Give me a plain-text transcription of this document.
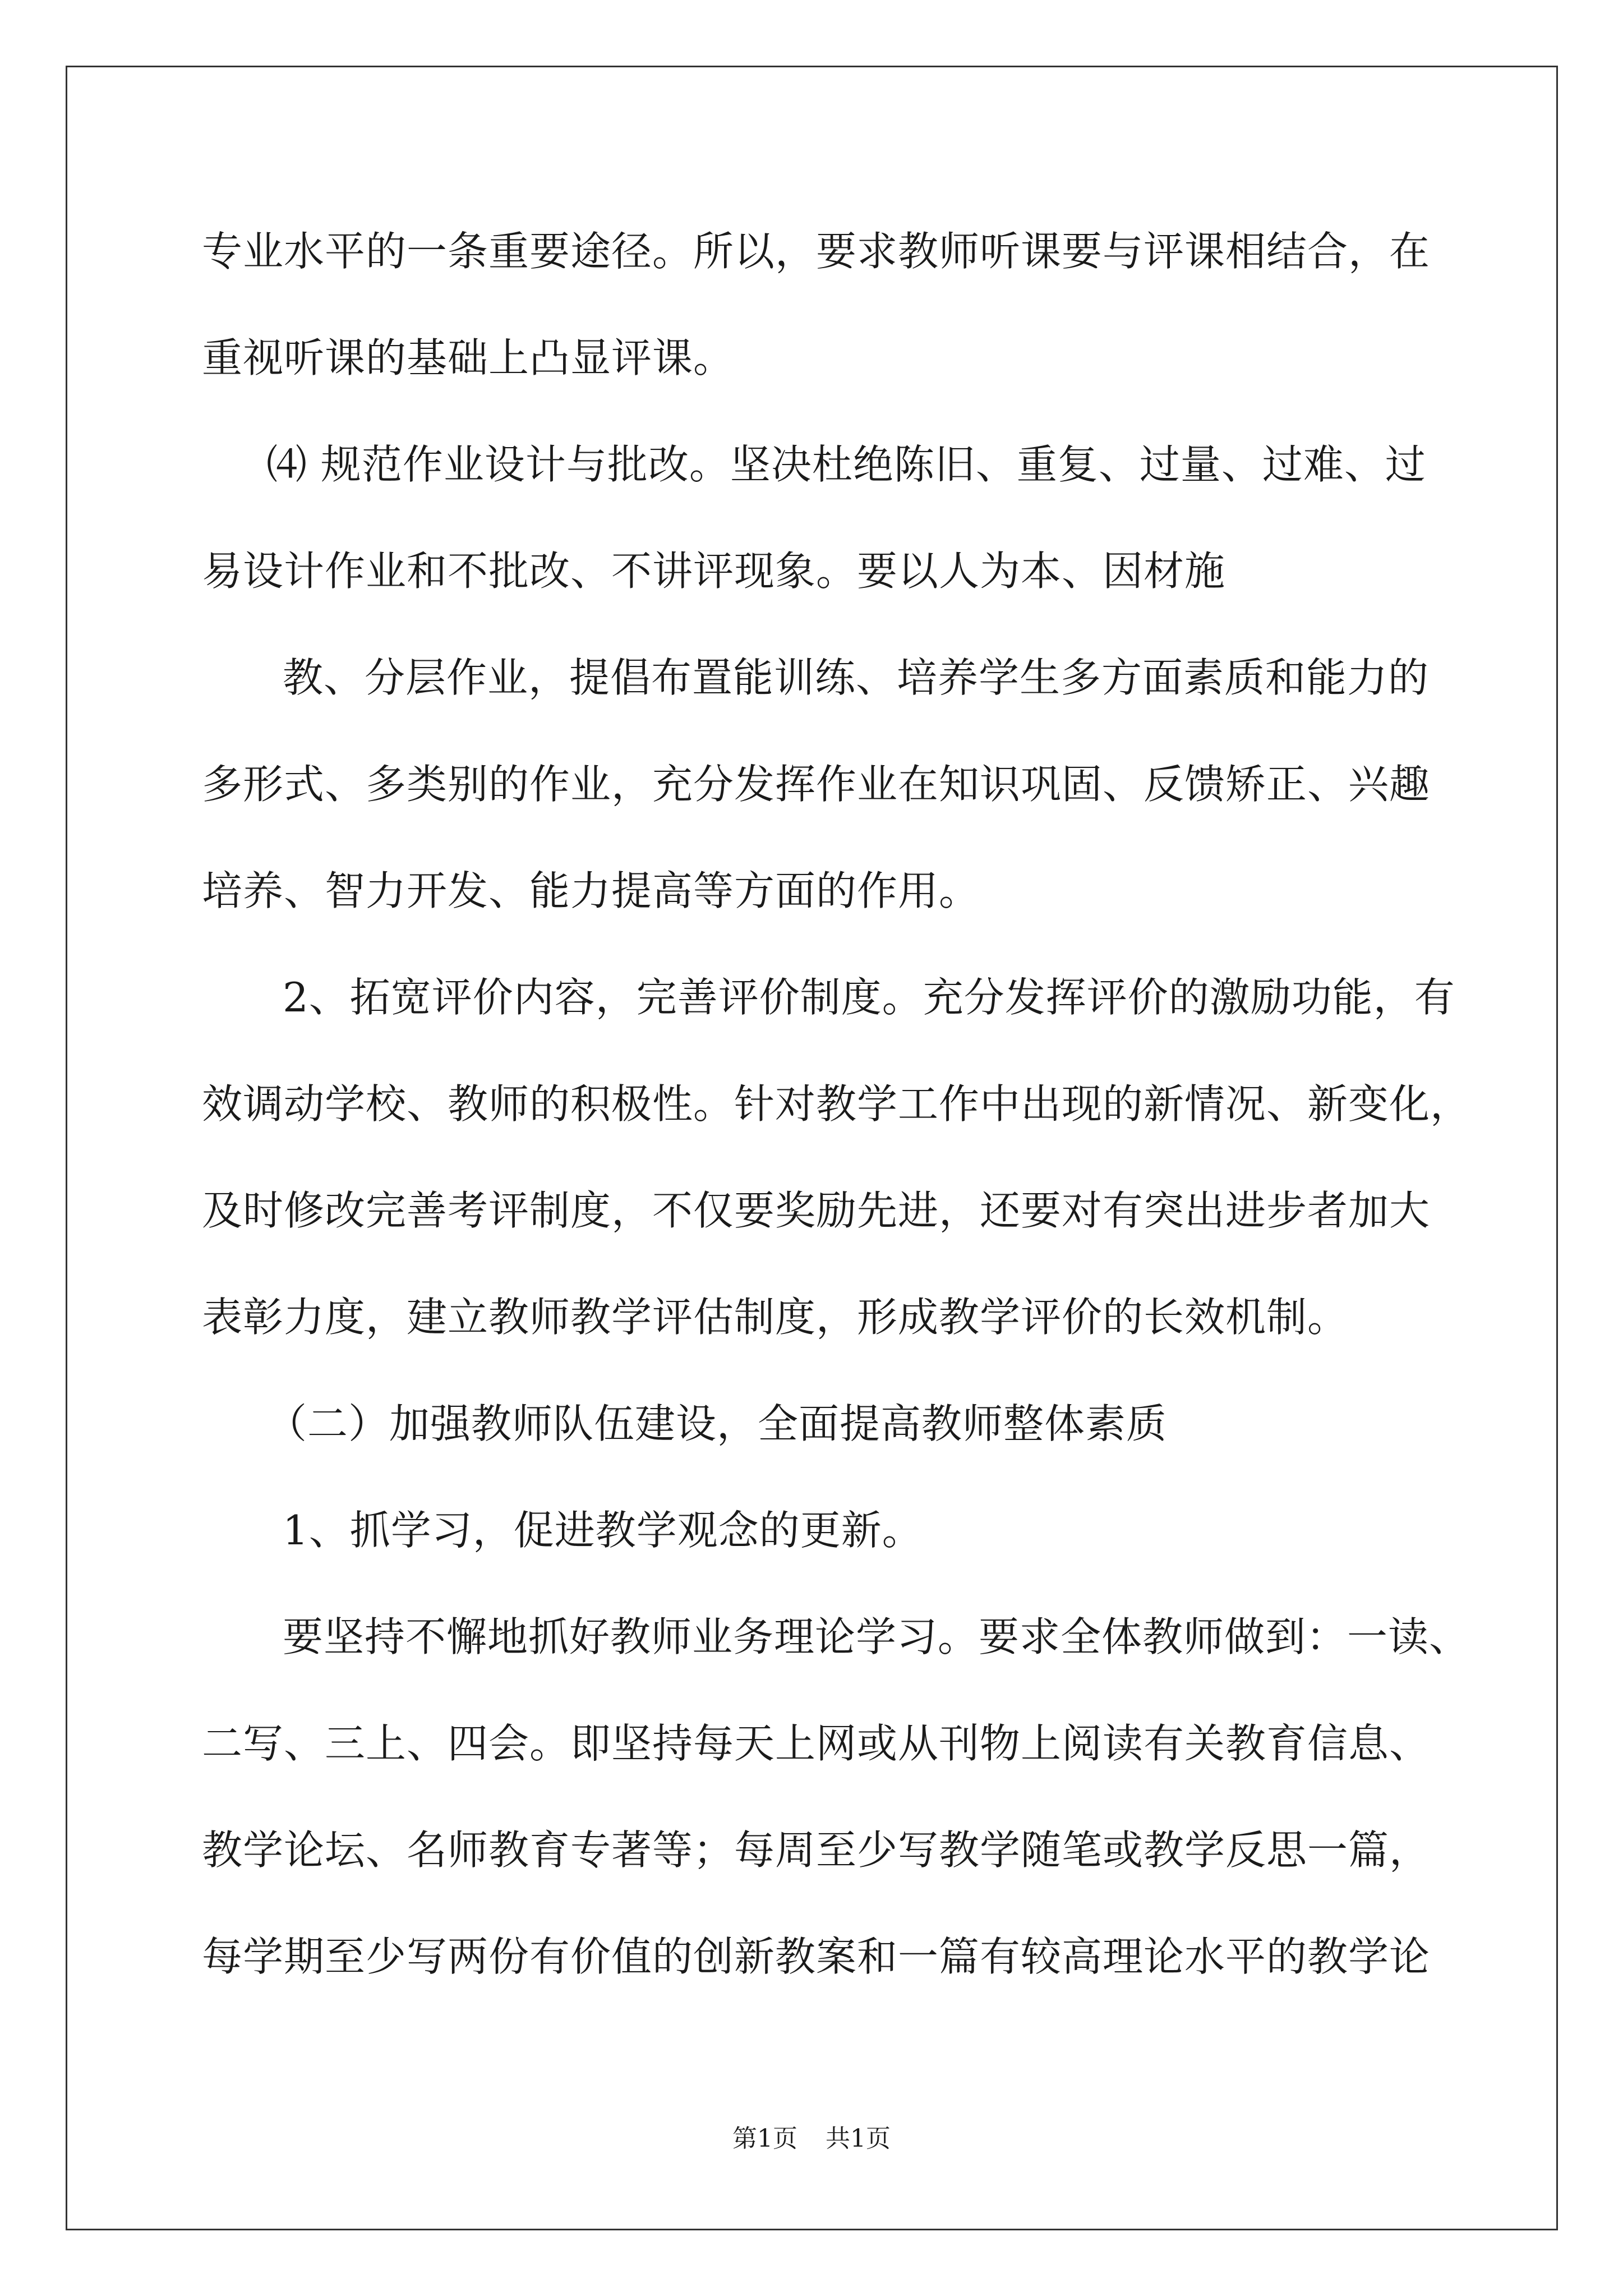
专业水平的一条重要途径。所以，要求教师听课要与评课相结合，在
重视听课的基础上凸显评课。
⑷ 规范作业设计与批改。坚决杜绝陈旧、重复、过量、过难、过
易设计作业和不批改、不讲评现象。要以人为本、因材施
教、分层作业，提倡布置能训练、培养学生多方面素质和能力的
多形式、多类别的作业，充分发挥作业在知识巩固、反馈矫正、兴趣
培养、智力开发、能力提高等方面的作用。
2、拓宽评价内容，完善评价制度。充分发挥评价的激励功能，有
效调动学校、教师的积极性。针对教学工作中出现的新情况、新变化，
及时修改完善考评制度，不仅要奖励先进，还要对有突出进步者加大
表彰力度，建立教师教学评估制度，形成教学评价的长效机制。
（二）加强教师队伍建设，全面提高教师整体素质
1、抓学习，促进教学观念的更新。
要坚持不懈地抓好教师业务理论学习。要求全体教师做到：一读、
二写、三上、四会。即坚持每天上网或从刊物上阅读有关教育信息、
教学论坛、名师教育专著等；每周至少写教学随笔或教学反思一篇，
每学期至少写两份有价值的创新教案和一篇有较高理论水平的教学论
第1页 共1页
